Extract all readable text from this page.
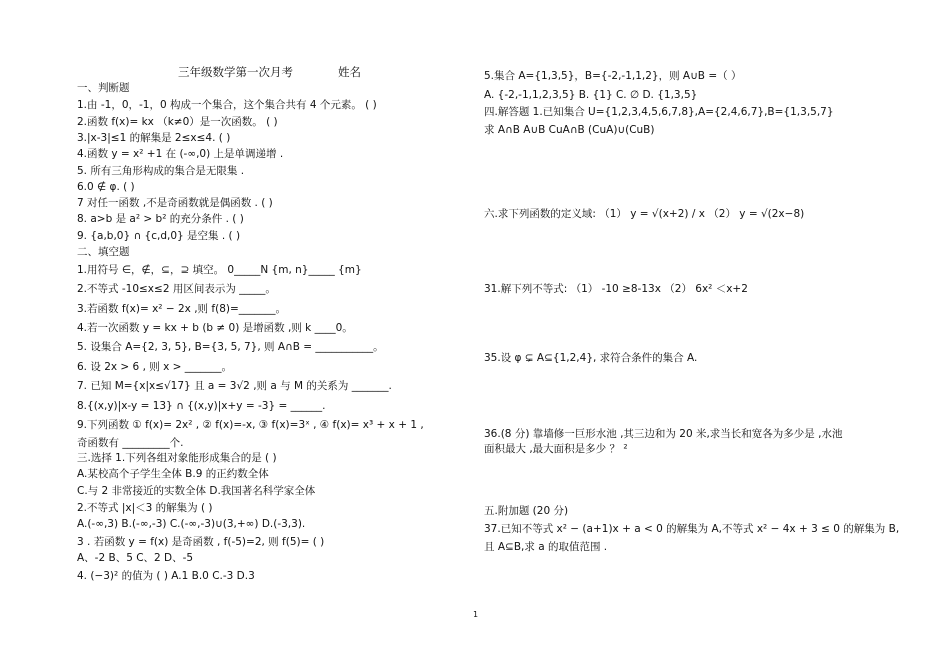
三年级数学第一次月考	姓名
一、判断题
1.由 -1，0，-1，0 构成一个集合，这个集合共有 4 个元素。 ( )
2.函数 f(x)= kx （k≠0）是一次函数。 ( )
3.|x-3|≤1 的解集是 2≤x≤4. ( )
4.函数 y = x² +1 在 (-∞,0) 上是单调递增 .
5. 所有三角形构成的集合是无限集 .
6.0 ∉ φ. ( )
7 对任一函数 ,不是奇函数就是偶函数 . ( )
8. a>b 是 a² > b² 的充分条件 . ( )
9. {a,b,0} ∩ {c,d,0} 是空集 . ( )
二、填空题
1.用符号 ∈，∉，⊆，⊇ 填空。 0_____N {m, n}_____ {m}
2.不等式 -10≤x≤2 用区间表示为 _____。
3.若函数 f(x)= x² − 2x ,则 f(8)=_______。
4.若一次函数 y = kx + b (b ≠ 0) 是增函数 ,则 k ____0。
5. 设集合 A={2, 3, 5}, B={3, 5, 7}, 则 A∩B = ___________。
6. 设 2x > 6 , 则 x > _______。
7. 已知 M={x|x≤√17} 且 a = 3√2 ,则 a 与 M 的关系为 _______.
8.{(x,y)|x-y = 13} ∩ {(x,y)|x+y = -3} = ______.
9.下列函数 ① f(x)= 2x² , ② f(x)=-x, ③ f(x)=3ˣ , ④ f(x)= x³ + x + 1 ,
奇函数有 _________个.
三.选择 1.下列各组对象能形成集合的是 ( )
A.某校高个子学生全体 B.9 的正约数全体
C.与 2 非常接近的实数全体 D.我国著名科学家全体
2.不等式 |x|＜3 的解集为 ( )
A.(-∞,3) B.(-∞,-3) C.(-∞,-3)∪(3,+∞) D.(-3,3).
3 . 若函数 y = f(x) 是奇函数 , f(-5)=2, 则 f(5)= ( )
A、-2 B、5 C、2 D、-5
4. (−3)² 的值为 ( ) A.1 B.0 C.-3 D.3
5.集合 A={1,3,5}，B={-2,-1,1,2}，则 A∪B =（ ）
A. {-2,-1,1,2,3,5} B. {1} C. ∅ D. {1,3,5}
四.解答题 1.已知集合 U={1,2,3,4,5,6,7,8},A={2,4,6,7},B={1,3,5,7}
求 A∩B A∪B CuA∩B (CuA)∪(CuB)
六.求下列函数的定义域: （1） y = √(x+2) / x （2） y = √(2x−8)
31.解下列不等式: （1） -10 ≥8-13x （2） 6x² ＜x+2
35.设 φ ⊊ A⊆{1,2,4}, 求符合条件的集合 A.
36.(8 分) 靠墙修一巨形水池 ,其三边和为 20 米,求当长和宽各为多少是 ,水池
面积最大 ,最大面积是多少 ？ ²
五.附加题 (20 分)
37.已知不等式 x² − (a+1)x + a < 0 的解集为 A,不等式 x² − 4x + 3 ≤ 0 的解集为 B,
且 A⊆B,求 a 的取值范围 .
1
